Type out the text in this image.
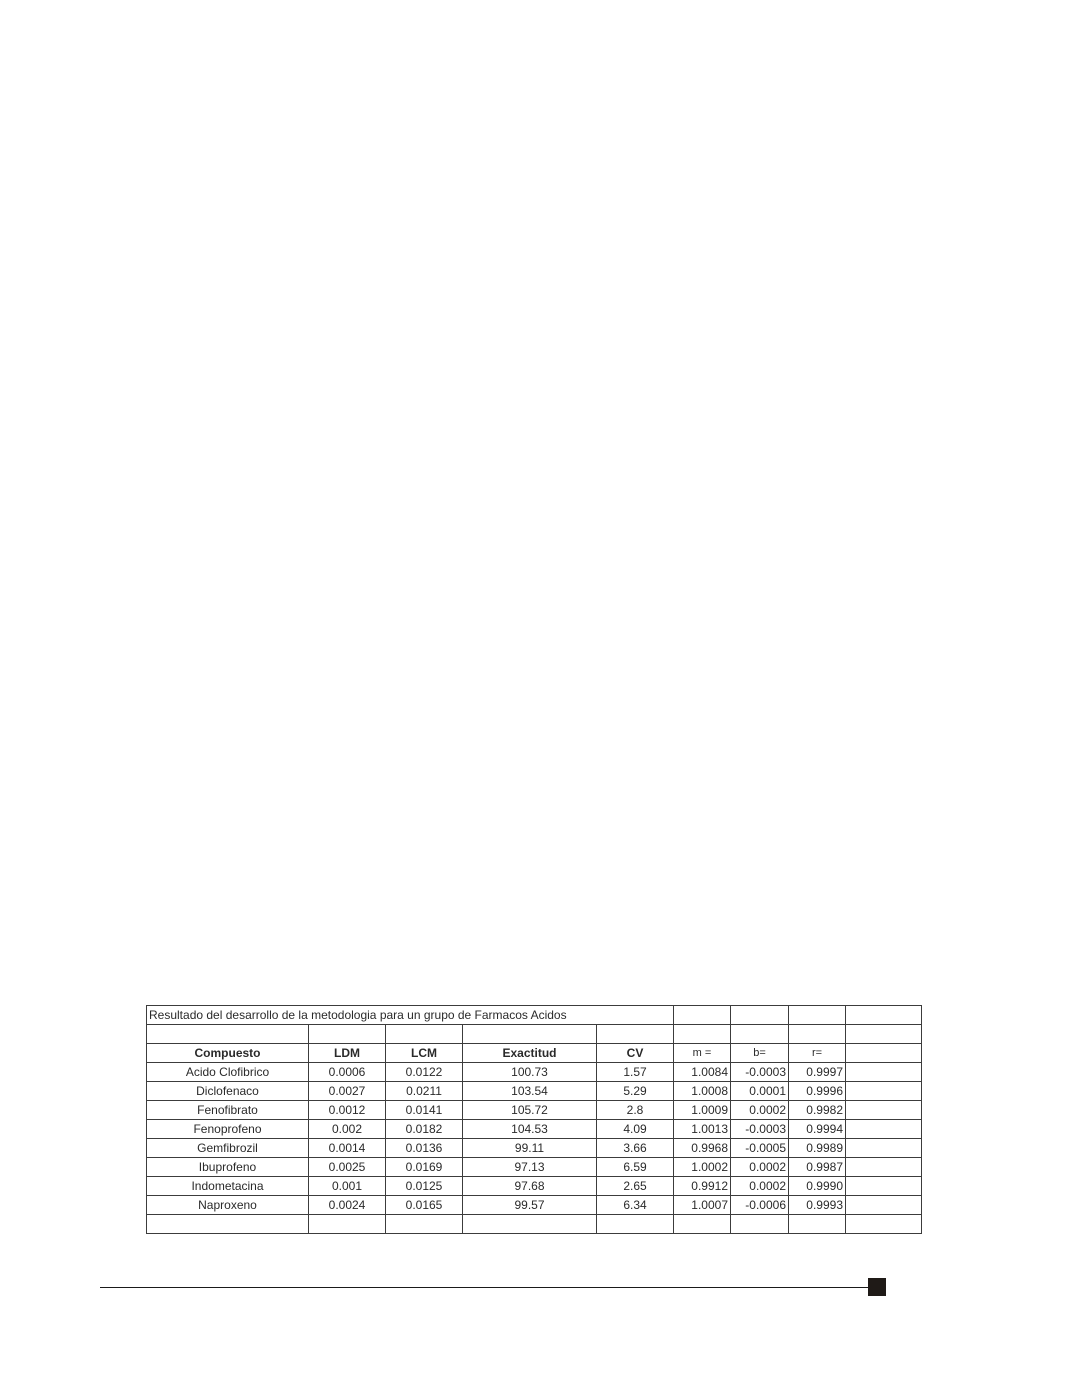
Resultado del desarrollo de la metodologia para un grupo de Farmacos Acidos								

Compuesto	LDM	LCM	Exactitud	CV	m =	b=	r=	
Acido Clofibrico	0.0006	0.0122	100.73	1.57	1.0084	-0.0003	0.9997	
Diclofenaco	0.0027	0.0211	103.54	5.29	1.0008	0.0001	0.9996	
Fenofibrato	0.0012	0.0141	105.72	2.8	1.0009	0.0002	0.9982	
Fenoprofeno	0.002	0.0182	104.53	4.09	1.0013	-0.0003	0.9994	
Gemfibrozil	0.0014	0.0136	99.11	3.66	0.9968	-0.0005	0.9989	
Ibuprofeno	0.0025	0.0169	97.13	6.59	1.0002	0.0002	0.9987	
Indometacina	0.001	0.0125	97.68	2.65	0.9912	0.0002	0.9990	
Naproxeno	0.0024	0.0165	99.57	6.34	1.0007	-0.0006	0.9993	
